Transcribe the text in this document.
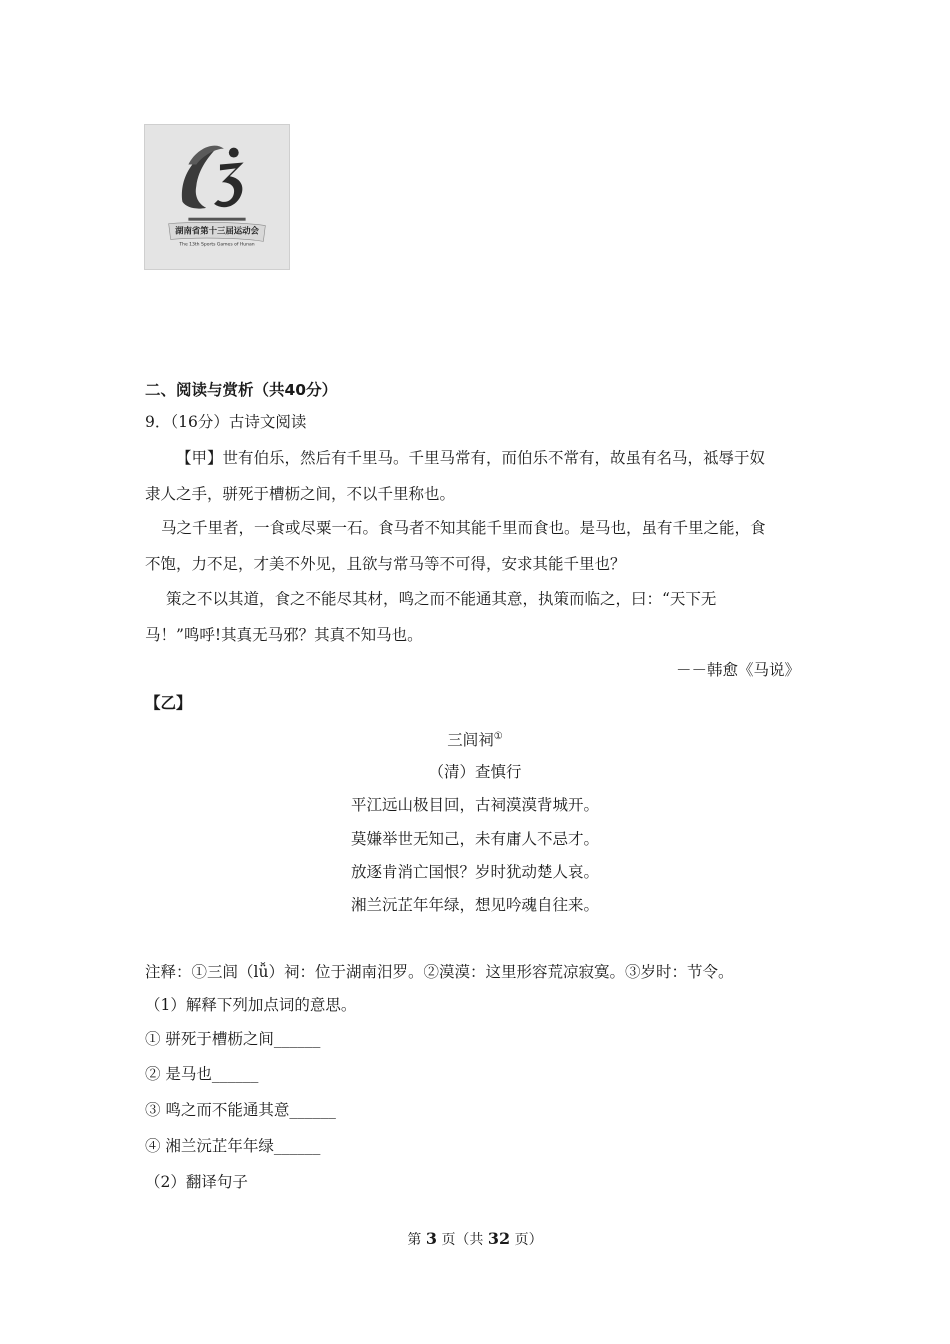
湖南省第十三届运动会
The 13th Sports Games of Hunan
二、阅读与赏析（共40分）
9．（16分）古诗文阅读
【甲】世有伯乐，然后有千里马。千里马常有，而伯乐不常有，故虽有名马，祗辱于奴
隶人之手，骈死于槽枥之间，不以千里称也。
马之千里者，一食或尽粟一石。食马者不知其能千里而食也。是马也，虽有千里之能，食
不饱，力不足，才美不外见，且欲与常马等不可得，安求其能千里也？
策之不以其道，食之不能尽其材，鸣之而不能通其意，执策而临之，曰：“天下无
马！”鸣呼!其真无马邪？其真不知马也。
－－韩愈《马说》
【乙】
三闾祠①
（清）查慎行
平江远山极目回，古祠漠漠背城开。
莫嫌举世无知己，未有庸人不忌才。
放逐肯消亡国恨？岁时犹动楚人哀。
湘兰沅芷年年绿，想见吟魂自往来。
注释：①三闾（lǚ）祠：位于湖南汨罗。②漠漠：这里形容荒凉寂寞。③岁时：节令。
（1）解释下列加点词的意思。
① 骈死于槽枥之间______
② 是马也______
③ 鸣之而不能通其意______
④ 湘兰沅芷年年绿______
（2）翻译句子
第 3 页（共 32 页）
